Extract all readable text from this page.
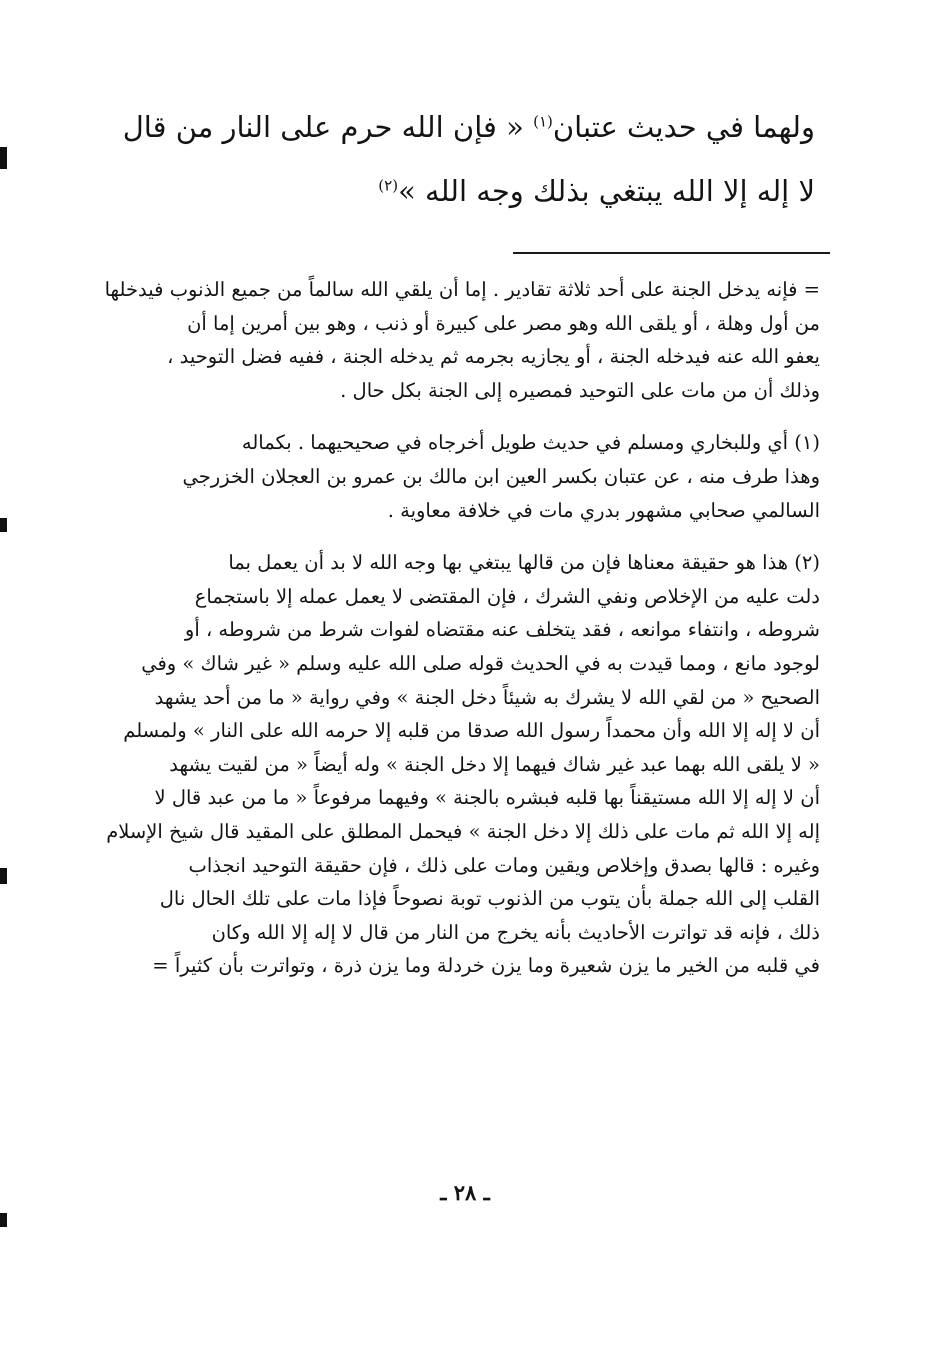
ولهما في حديث عتبان$^{(١)}$ « فإن الله حرم على النار من قال
لا إله إلا الله يبتغي بذلك وجه الله »$^{(٢)}$
= فإنه يدخل الجنة على أحد ثلاثة تقادير . إما أن يلقي الله سالماً من جميع الذنوب فيدخلها
من أول وهلة ، أو يلقى الله وهو مصر على كبيرة أو ذنب ، وهو بين أمرين إما أن
يعفو الله عنه فيدخله الجنة ، أو يجازيه بجرمه ثم يدخله الجنة ، ففيه فضل التوحيد ،
وذلك أن من مات على التوحيد فمصيره إلى الجنة بكل حال .
(١) أي وللبخاري ومسلم في حديث طويل أخرجاه في صحيحيهما . بكماله
وهذا طرف منه ، عن عتبان بكسر العين ابن مالك بن عمرو بن العجلان الخزرجي
السالمي صحابي مشهور بدري مات في خلافة معاوية .
(٢) هذا هو حقيقة معناها فإن من قالها يبتغي بها وجه الله لا بد أن يعمل بما
دلت عليه من الإخلاص ونفي الشرك ، فإن المقتضى لا يعمل عمله إلا باستجماع
شروطه ، وانتفاء موانعه ، فقد يتخلف عنه مقتضاه لفوات شرط من شروطه ، أو
لوجود مانع ، ومما قيدت به في الحديث قوله صلى الله عليه وسلم « غير شاك » وفي
الصحيح « من لقي الله لا يشرك به شيئاً دخل الجنة » وفي رواية « ما من أحد يشهد
أن لا إله إلا الله وأن محمداً رسول الله صدقا من قلبه إلا حرمه الله على النار » ولمسلم
« لا يلقى الله بهما عبد غير شاك فيهما إلا دخل الجنة » وله أيضاً « من لقيت يشهد
أن لا إله إلا الله مستيقناً بها قلبه فبشره بالجنة » وفيهما مرفوعاً « ما من عبد قال لا
إله إلا الله ثم مات على ذلك إلا دخل الجنة » فيحمل المطلق على المقيد قال شيخ الإسلام
وغيره : قالها بصدق وإخلاص ويقين ومات على ذلك ، فإن حقيقة التوحيد انجذاب
القلب إلى الله جملة بأن يتوب من الذنوب توبة نصوحاً فإذا مات على تلك الحال نال
ذلك ، فإنه قد تواترت الأحاديث بأنه يخرج من النار من قال لا إله إلا الله وكان
في قلبه من الخير ما يزن شعيرة وما يزن خردلة وما يزن ذرة ، وتواترت بأن كثيراً =
ـ ٢٨ ـ
